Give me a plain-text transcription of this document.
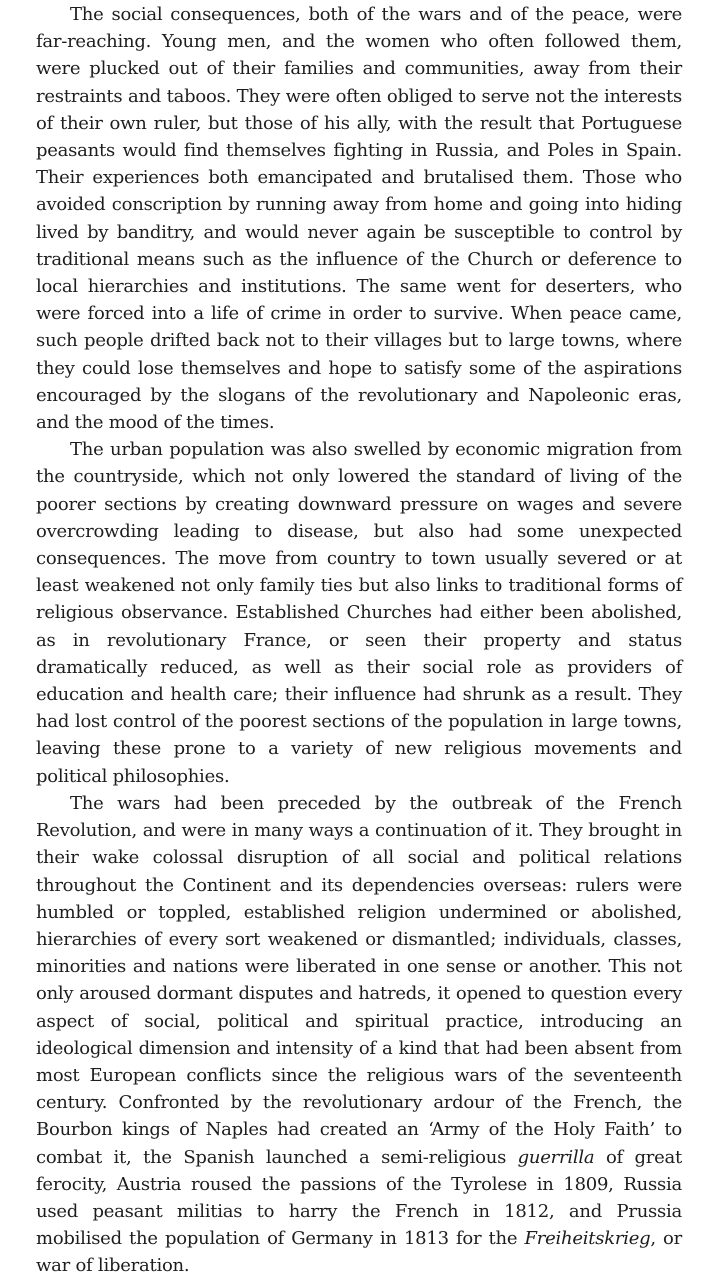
The social consequences, both of the wars and of the peace, were far-reaching. Young men, and the women who often followed them, were plucked out of their families and communities, away from their restraints and taboos. They were often obliged to serve not the interests of their own ruler, but those of his ally, with the result that Portuguese peasants would find themselves fighting in Russia, and Poles in Spain. Their experiences both emancipated and brutalised them. Those who avoided conscription by running away from home and going into hiding lived by banditry, and would never again be susceptible to control by traditional means such as the influence of the Church or deference to local hierarchies and institutions. The same went for deserters, who were forced into a life of crime in order to survive. When peace came, such people drifted back not to their villages but to large towns, where they could lose themselves and hope to satisfy some of the aspirations encouraged by the slogans of the revolutionary and Napoleonic eras, and the mood of the times.

The urban population was also swelled by economic migration from the countryside, which not only lowered the standard of living of the poorer sections by creating downward pressure on wages and severe overcrowding leading to disease, but also had some unexpected consequences. The move from country to town usually severed or at least weakened not only family ties but also links to traditional forms of religious observance. Established Churches had either been abolished, as in revolutionary France, or seen their property and status dramatically reduced, as well as their social role as providers of education and health care; their influence had shrunk as a result. They had lost control of the poorest sections of the population in large towns, leaving these prone to a variety of new religious movements and political philosophies.

The wars had been preceded by the outbreak of the French Revolution, and were in many ways a continuation of it. They brought in their wake colossal disruption of all social and political relations throughout the Continent and its dependencies overseas: rulers were humbled or toppled, established religion undermined or abolished, hierarchies of every sort weakened or dismantled; individuals, classes, minorities and nations were liberated in one sense or another. This not only aroused dormant disputes and hatreds, it opened to question every aspect of social, political and spiritual practice, introducing an ideological dimension and intensity of a kind that had been absent from most European conflicts since the religious wars of the seventeenth century. Confronted by the revolutionary ardour of the French, the Bourbon kings of Naples had created an ‘Army of the Holy Faith’ to combat it, the Spanish launched a semi-religious guerrilla of great ferocity, Austria roused the passions of the Tyrolese in 1809, Russia used peasant militias to harry the French in 1812, and Prussia mobilised the population of Germany in 1813 for the Freiheitskrieg, or war of liberation.
